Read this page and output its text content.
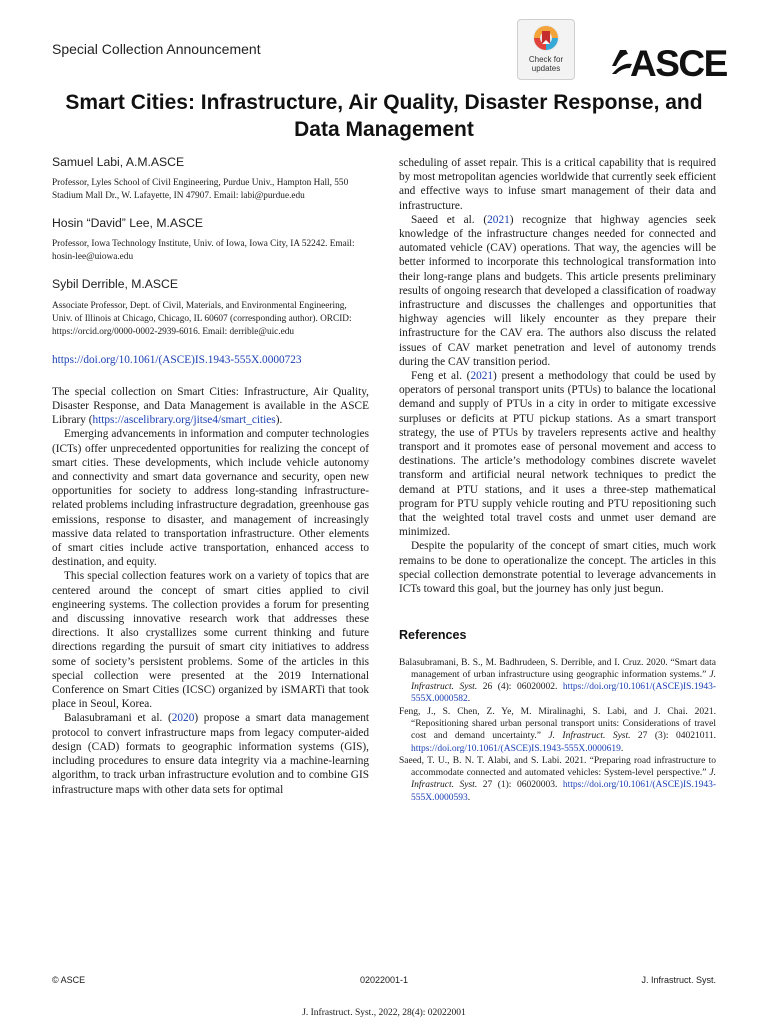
Special Collection Announcement
Check for updates	ASCE
Smart Cities: Infrastructure, Air Quality, Disaster Response, and Data Management
Samuel Labi, A.M.ASCE
Professor, Lyles School of Civil Engineering, Purdue Univ., Hampton Hall, 550 Stadium Mall Dr., W. Lafayette, IN 47907. Email: labi@purdue.edu
Hosin “David” Lee, M.ASCE
Professor, Iowa Technology Institute, Univ. of Iowa, Iowa City, IA 52242. Email: hosin-lee@uiowa.edu
Sybil Derrible, M.ASCE
Associate Professor, Dept. of Civil, Materials, and Environmental Engineering, Univ. of Illinois at Chicago, Chicago, IL 60607 (corresponding author). ORCID: https://orcid.org/0000-0002-2939-6016. Email: derrible@uic.edu
https://doi.org/10.1061/(ASCE)IS.1943-555X.0000723

The special collection on Smart Cities: Infrastructure, Air Quality, Disaster Response, and Data Management is available in the ASCE Library (https://ascelibrary.org/jitse4/smart_cities).

Emerging advancements in information and computer technologies (ICTs) offer unprecedented opportunities for realizing the concept of smart cities. These developments, which include vehicle autonomy and connectivity and smart data governance and security, open new opportunities for society to address long-standing infrastructure-related problems including infrastructure degradation, greenhouse gas emissions, response to disaster, and management of increasingly massive data related to transportation infrastructure. Other elements of smart cities include active transportation, enhanced access to destination, and equity.

This special collection features work on a variety of topics that are centered around the concept of smart cities applied to civil engineering systems. The collection provides a forum for presenting and discussing innovative research work that addresses these directions. It also crystallizes some current thinking and future directions regarding the pursuit of smart city initiatives to address some of society’s persistent problems. Some of the articles in this special collection were presented at the 2019 International Conference on Smart Cities (ICSC) organized by iSMARTi that took place in Seoul, Korea.

Balasubramani et al. (2020) propose a smart data management protocol to convert infrastructure maps from legacy computer-aided design (CAD) formats to geographic information systems (GIS), including procedures to ensure data integrity via a machine-learning algorithm, to track urban infrastructure evolution and to combine GIS infrastructure maps with other data sets for optimal

scheduling of asset repair. This is a critical capability that is required by most metropolitan agencies worldwide that currently seek efficient and effective ways to infuse smart management of their data and infrastructure.

Saeed et al. (2021) recognize that highway agencies seek knowledge of the infrastructure changes needed for connected and automated vehicle (CAV) operations. That way, the agencies will be better informed to incorporate this technological transformation into their long-range plans and budgets. This article presents preliminary results of ongoing research that developed a classification of roadway infrastructure and discusses the challenges and opportunities that highway agencies will likely encounter as they prepare their infrastructure for the CAV era. The authors also discuss the related issues of CAV market penetration and level of autonomy trends during the CAV transition period.

Feng et al. (2021) present a methodology that could be used by operators of personal transport units (PTUs) to balance the locational demand and supply of PTUs in a city in order to mitigate excessive surpluses or deficits at PTU pickup stations. As a smart transport strategy, the use of PTUs by travelers represents active and healthy transport and it promotes ease of personal movement and access to destinations. The article’s methodology combines discrete wavelet transform and artificial neural network techniques to predict the demand at PTU stations, and it uses a three-step mathematical program for PTU supply vehicle routing and PTU repositioning such that the weighted total travel costs and unmet user demand are minimized.

Despite the popularity of the concept of smart cities, much work remains to be done to operationalize the concept. The articles in this special collection demonstrate potential to leverage advancements in ICTs toward this goal, but the journey has only just begun.

References

Balasubramani, B. S., M. Badhrudeen, S. Derrible, and I. Cruz. 2020. “Smart data management of urban infrastructure using geographic information systems.” J. Infrastruct. Syst. 26 (4): 06020002. https://doi.org/10.1061/(ASCE)IS.1943-555X.0000582.

Feng, J., S. Chen, Z. Ye, M. Miralinaghi, S. Labi, and J. Chai. 2021. “Repositioning shared urban personal transport units: Considerations of travel cost and demand uncertainty.” J. Infrastruct. Syst. 27 (3): 04021011. https://doi.org/10.1061/(ASCE)IS.1943-555X.0000619.

Saeed, T. U., B. N. T. Alabi, and S. Labi. 2021. “Preparing road infrastructure to accommodate connected and automated vehicles: System-level perspective.” J. Infrastruct. Syst. 27 (1): 06020003. https://doi.org/10.1061/(ASCE)IS.1943-555X.0000593.

© ASCE	02022001-1	J. Infrastruct. Syst.
J. Infrastruct. Syst., 2022, 28(4): 02022001
